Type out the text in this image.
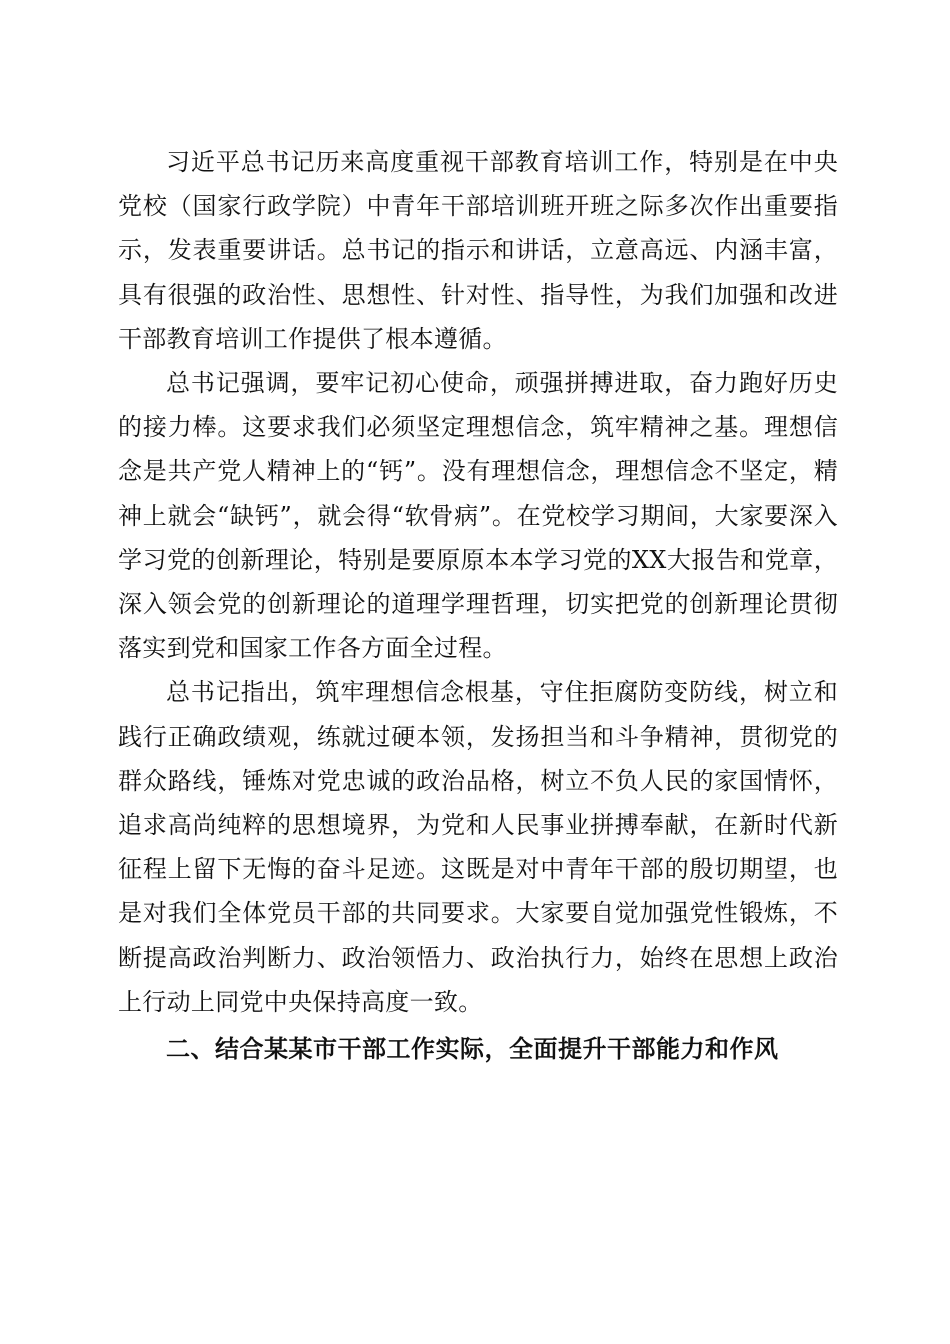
习近平总书记历来高度重视干部教育培训工作，特别是在中央党校（国家行政学院）中青年干部培训班开班之际多次作出重要指示，发表重要讲话。总书记的指示和讲话，立意高远、内涵丰富，具有很强的政治性、思想性、针对性、指导性，为我们加强和改进干部教育培训工作提供了根本遵循。

总书记强调，要牢记初心使命，顽强拼搏进取，奋力跑好历史的接力棒。这要求我们必须坚定理想信念，筑牢精神之基。理想信念是共产党人精神上的“钙”。没有理想信念，理想信念不坚定，精神上就会“缺钙”，就会得“软骨病”。在党校学习期间，大家要深入学习党的创新理论，特别是要原原本本学习党的XX大报告和党章，深入领会党的创新理论的道理学理哲理，切实把党的创新理论贯彻落实到党和国家工作各方面全过程。

总书记指出，筑牢理想信念根基，守住拒腐防变防线，树立和践行正确政绩观，练就过硬本领，发扬担当和斗争精神，贯彻党的群众路线，锤炼对党忠诚的政治品格，树立不负人民的家国情怀，追求高尚纯粹的思想境界，为党和人民事业拼搏奉献，在新时代新征程上留下无悔的奋斗足迹。这既是对中青年干部的殷切期望，也是对我们全体党员干部的共同要求。大家要自觉加强党性锻炼，不断提高政治判断力、政治领悟力、政治执行力，始终在思想上政治上行动上同党中央保持高度一致。

二、结合某某市干部工作实际，全面提升干部能力和作风
